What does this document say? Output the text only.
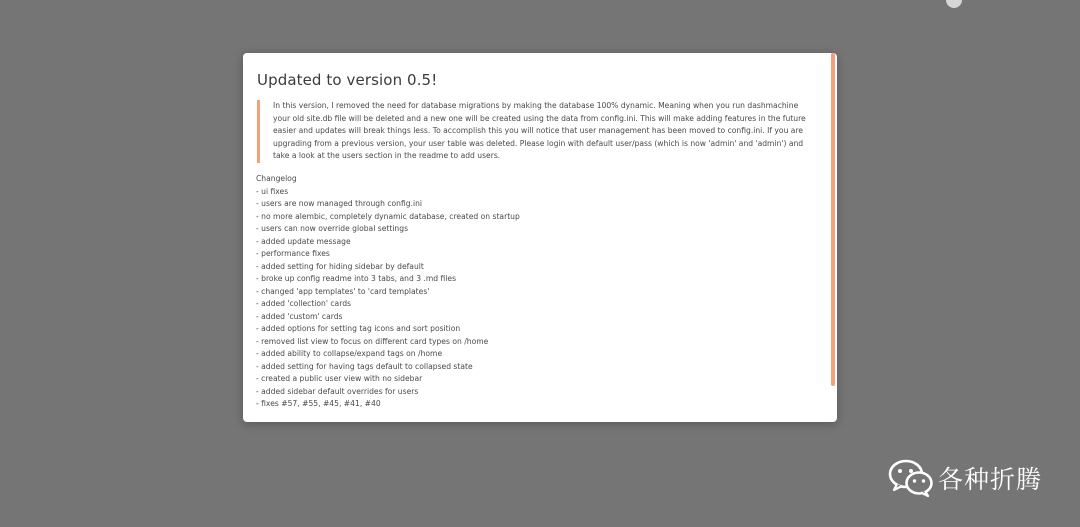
Updated to version 0.5!
In this version, I removed the need for database migrations by making the database 100% dynamic. Meaning when you run dashmachine your old site.db file will be deleted and a new one will be created using the data from config.ini. This will make adding features in the future easier and updates will break things less. To accomplish this you will notice that user management has been moved to config.ini. If you are upgrading from a previous version, your user table was deleted. Please login with default user/pass (which is now 'admin' and 'admin') and take a look at the users section in the readme to add users.
Changelog
- ui fixes
- users are now managed through config.ini
- no more alembic, completely dynamic database, created on startup
- users can now override global settings
- added update message
- performance fixes
- added setting for hiding sidebar by default
- broke up config readme into 3 tabs, and 3 .md files
- changed 'app templates' to 'card templates'
- added 'collection' cards
- added 'custom' cards
- added options for setting tag icons and sort position
- removed list view to focus on different card types on /home
- added ability to collapse/expand tags on /home
- added setting for having tags default to collapsed state
- created a public user view with no sidebar
- added sidebar default overrides for users
- fixes #57, #55, #45, #41, #40
各种折腾
